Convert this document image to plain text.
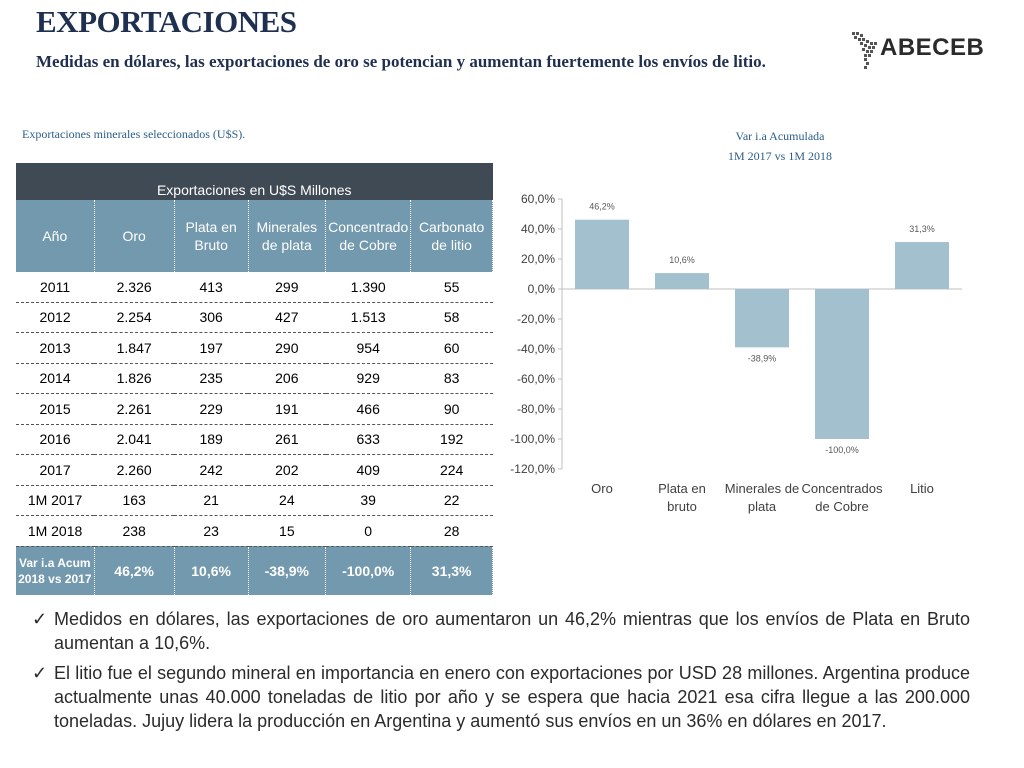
EXPORTACIONES
Medidas en dólares, las exportaciones de oro se potencian y aumentan fuertemente los envíos de litio.
ABECEB
Exportaciones minerales seleccionados (U$S).
Exportaciones en U$S Millones					
Año	Oro	Plata en Bruto	Minerales de plata	Concentrado de Cobre	Carbonato de litio
2011	2.326	413	299	1.390	55
2012	2.254	306	427	1.513	58
2013	1.847	197	290	954	60
2014	1.826	235	206	929	83
2015	2.261	229	191	466	90
2016	2.041	189	261	633	192
2017	2.260	242	202	409	224
1M 2017	163	21	24	39	22
1M 2018	238	23	15	0	28
Var i.a Acum 2018 vs 2017	46,2%	10,6%	-38,9%	-100,0%	31,3%
Var i.a Acumulada
1M 2017 vs 1M 2018
60,0%
40,0%
20,0%
0,0%
-20,0%
-40,0%
-60,0%
-80,0%
-100,0%
-120,0%
46,2%
Oro
10,6%
Plata en
bruto
-38,9%
Minerales de
plata
-100,0%
Concentrados
de Cobre
31,3%
Litio
✓ Medidos en dólares, las exportaciones de oro aumentaron un 46,2% mientras que los envíos de Plata en Bruto aumentan a 10,6%.
✓ El litio fue el segundo mineral en importancia en enero con exportaciones por USD 28 millones. Argentina produce actualmente unas 40.000 toneladas de litio por año y se espera que hacia 2021 esa cifra llegue a las 200.000 toneladas. Jujuy lidera la producción en Argentina y aumentó sus envíos en un 36% en dólares en 2017.
